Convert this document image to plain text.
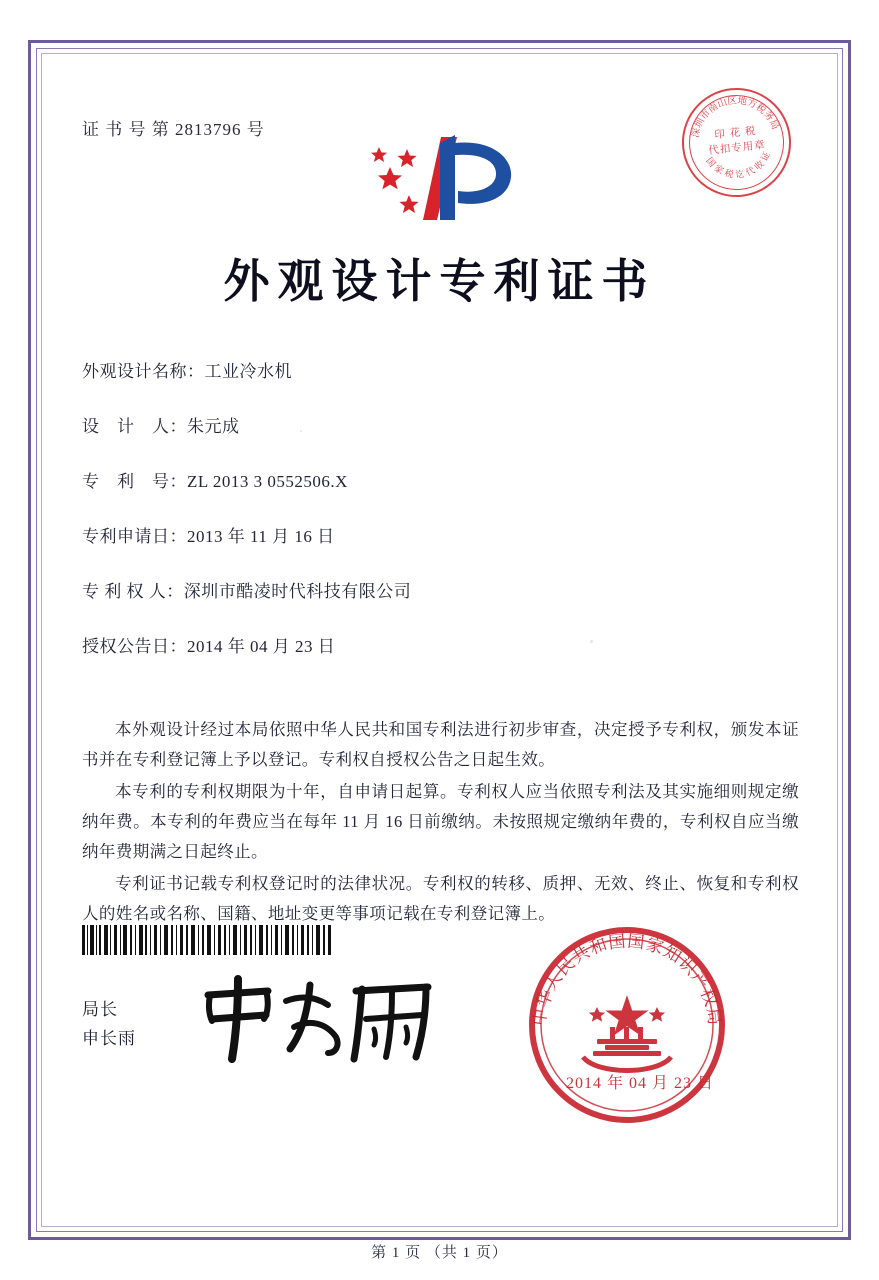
证 书 号 第 2813796 号	深圳市南山区地方税务局
国 家 税 讫 代 收 证
印 花 税
代扣专用章
外观设计专利证书
外观设计名称：工业冷水机
设　计　人：朱元成
专　利　号：ZL 2013 3 0552506.X
专利申请日：2013 年 11 月 16 日
专 利 权 人：深圳市酷凌时代科技有限公司
授权公告日：2014 年 04 月 23 日

本外观设计经过本局依照中华人民共和国专利法进行初步审查，决定授予专利权，颁发本证书并在专利登记簿上予以登记。专利权自授权公告之日起生效。

本专利的专利权期限为十年，自申请日起算。专利权人应当依照专利法及其实施细则规定缴纳年费。本专利的年费应当在每年 11 月 16 日前缴纳。未按照规定缴纳年费的，专利权自应当缴纳年费期满之日起终止。

专利证书记载专利权登记时的法律状况。专利权的转移、质押、无效、终止、恢复和专利权人的姓名或名称、国籍、地址变更等事项记载在专利登记簿上。

局长
申长雨
中华人民共和国国家知识产权局
2014 年 04 月 23 日
第 1 页 （共 1 页）
